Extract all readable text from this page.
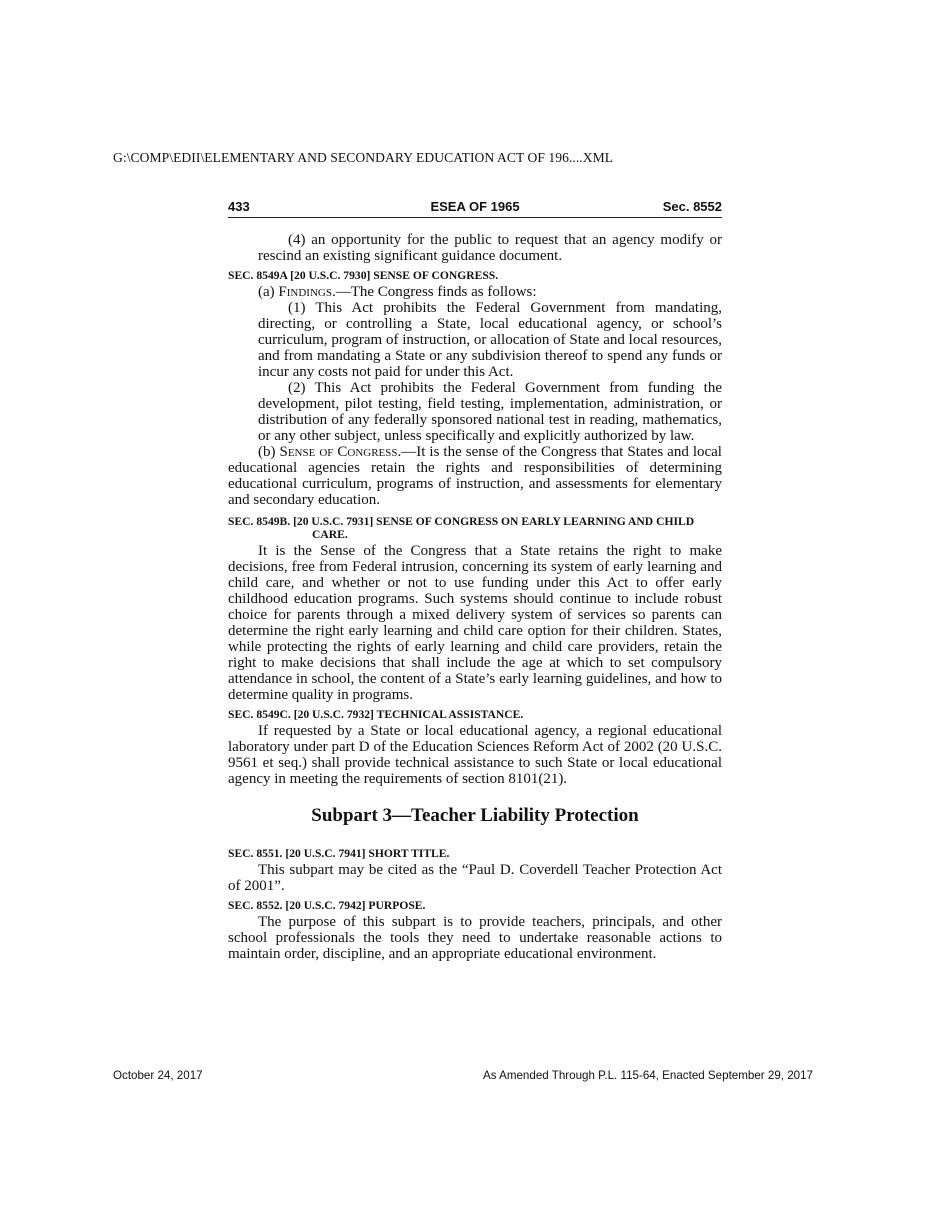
G:\COMP\EDII\ELEMENTARY AND SECONDARY EDUCATION ACT OF 196....XML
433	ESEA OF 1965	Sec. 8552

(4) an opportunity for the public to request that an agency modify or rescind an existing significant guidance document.

SEC. 8549A [20 U.S.C. 7930] SENSE OF CONGRESS.

(a) Findings.—The Congress finds as follows:

(1) This Act prohibits the Federal Government from mandating, directing, or controlling a State, local educational agency, or school’s curriculum, program of instruction, or allocation of State and local resources, and from mandating a State or any subdivision thereof to spend any funds or incur any costs not paid for under this Act.

(2) This Act prohibits the Federal Government from funding the development, pilot testing, field testing, implementation, administration, or distribution of any federally sponsored national test in reading, mathematics, or any other subject, unless specifically and explicitly authorized by law.

(b) Sense of Congress.—It is the sense of the Congress that States and local educational agencies retain the rights and responsibilities of determining educational curriculum, programs of instruction, and assessments for elementary and secondary education.

SEC. 8549B. [20 U.S.C. 7931] SENSE OF CONGRESS ON EARLY LEARNING AND CHILD CARE.

It is the Sense of the Congress that a State retains the right to make decisions, free from Federal intrusion, concerning its system of early learning and child care, and whether or not to use funding under this Act to offer early childhood education programs. Such systems should continue to include robust choice for parents through a mixed delivery system of services so parents can determine the right early learning and child care option for their children. States, while protecting the rights of early learning and child care providers, retain the right to make decisions that shall include the age at which to set compulsory attendance in school, the content of a State’s early learning guidelines, and how to determine quality in programs.

SEC. 8549C. [20 U.S.C. 7932] TECHNICAL ASSISTANCE.

If requested by a State or local educational agency, a regional educational laboratory under part D of the Education Sciences Reform Act of 2002 (20 U.S.C. 9561 et seq.) shall provide technical assistance to such State or local educational agency in meeting the requirements of section 8101(21).

Subpart 3—Teacher Liability Protection
SEC. 8551. [20 U.S.C. 7941] SHORT TITLE.

This subpart may be cited as the “Paul D. Coverdell Teacher Protection Act of 2001”.

SEC. 8552. [20 U.S.C. 7942] PURPOSE.

The purpose of this subpart is to provide teachers, principals, and other school professionals the tools they need to undertake reasonable actions to maintain order, discipline, and an appropriate educational environment.

October 24, 2017	As Amended Through P.L. 115-64, Enacted September 29, 2017
